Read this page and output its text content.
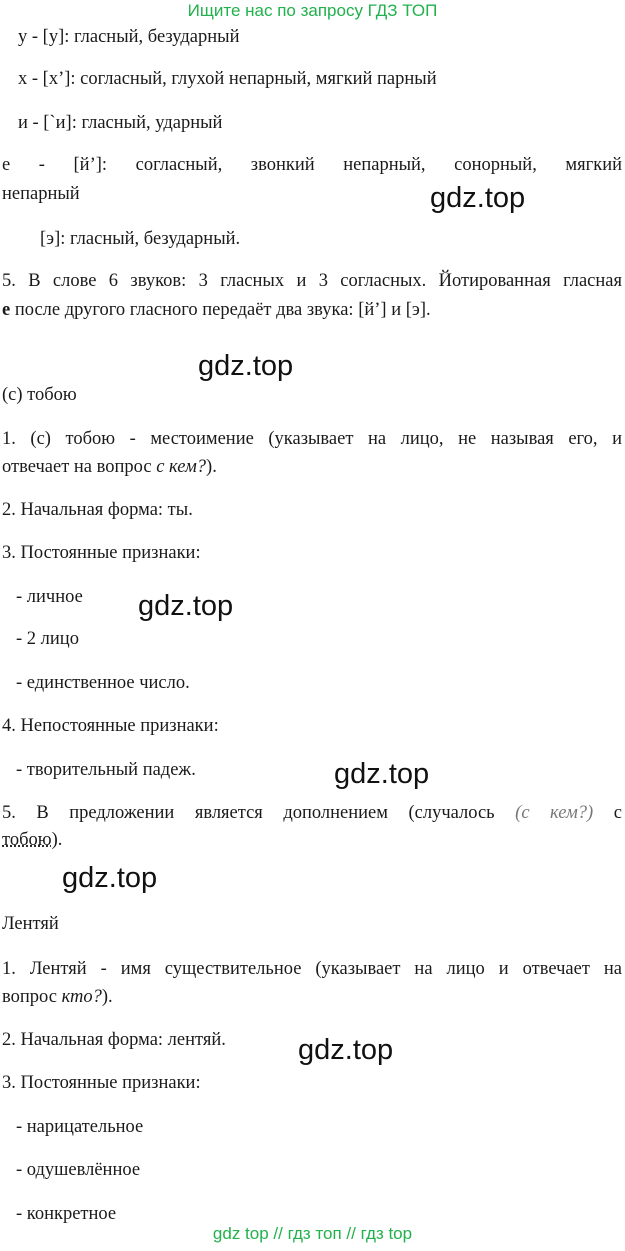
Ищите нас по запросу ГДЗ ТОП
у - [у]: гласный, безударный
х - [х’]: согласный, глухой непарный, мягкий парный
и - [`и]: гласный, ударный
е - [й’]: согласный, звонкий непарный, сонорный, мягкий
непарный
[э]: гласный, безударный.
5. В слове 6 звуков: 3 гласных и 3 согласных. Йотированная гласная
е после другого гласного передаёт два звука: [й’] и [э].
(с) тобою
1. (с) тобою - местоимение (указывает на лицо, не называя его, и
отвечает на вопрос с кем?).
2. Начальная форма: ты.
3. Постоянные признаки:
- личное
- 2 лицо
- единственное число.
4. Непостоянные признаки:
- творительный падеж.
5. В предложении является дополнением (случалось (с кем?) с
тобою).
Лентяй
1. Лентяй - имя существительное (указывает на лицо и отвечает на
вопрос кто?).
2. Начальная форма: лентяй.
3. Постоянные признаки:
- нарицательное
- одушевлённое
- конкретное
gdz.top
gdz.top
gdz.top
gdz.top
gdz.top
gdz.top
gdz top // гдз топ // гдз top
